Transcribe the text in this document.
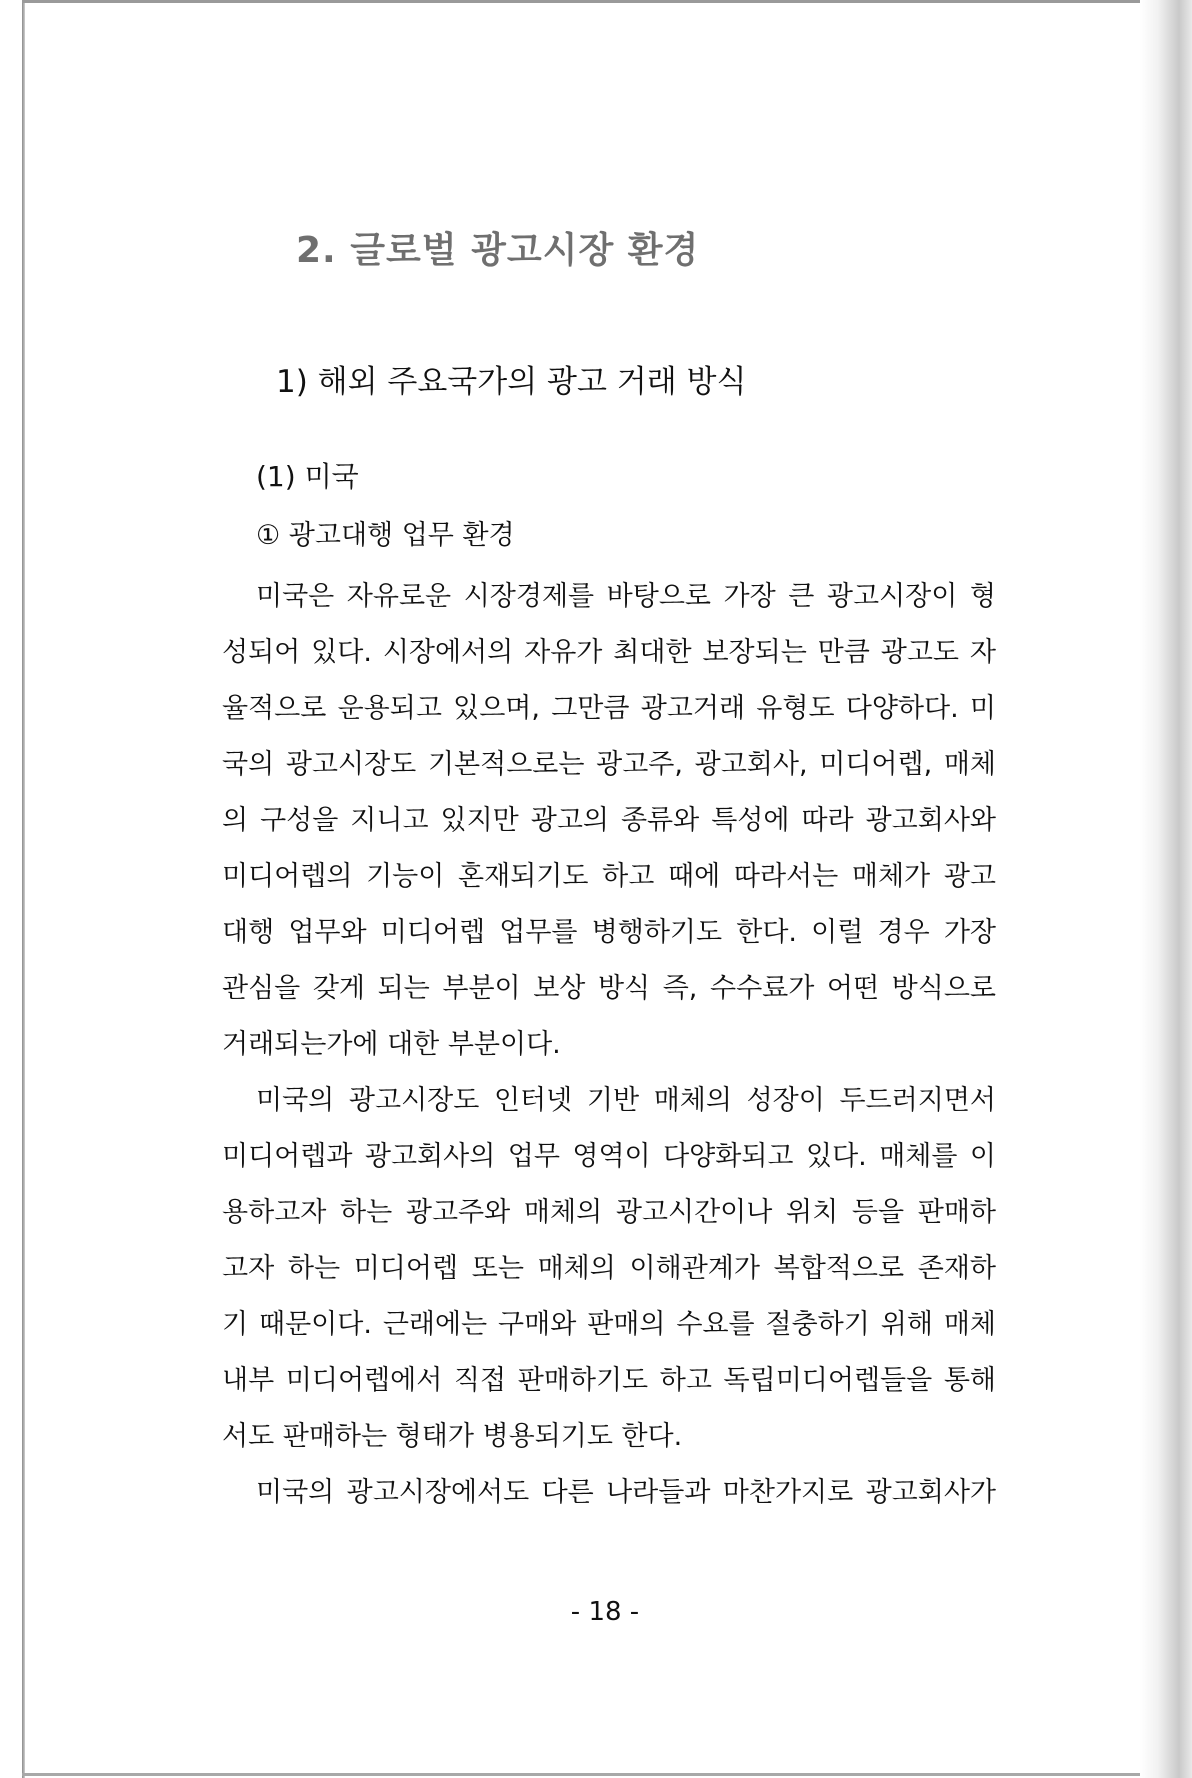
2. 글로벌 광고시장 환경
1) 해외 주요국가의 광고 거래 방식
(1) 미국
① 광고대행 업무 환경
미국은 자유로운 시장경제를 바탕으로 가장 큰 광고시장이 형
성되어 있다. 시장에서의 자유가 최대한 보장되는 만큼 광고도 자
율적으로 운용되고 있으며, 그만큼 광고거래 유형도 다양하다. 미
국의 광고시장도 기본적으로는 광고주, 광고회사, 미디어렙, 매체
의 구성을 지니고 있지만 광고의 종류와 특성에 따라 광고회사와
미디어렙의 기능이 혼재되기도 하고 때에 따라서는 매체가 광고
대행 업무와 미디어렙 업무를 병행하기도 한다. 이럴 경우 가장
관심을 갖게 되는 부분이 보상 방식 즉, 수수료가 어떤 방식으로
거래되는가에 대한 부분이다.
미국의 광고시장도 인터넷 기반 매체의 성장이 두드러지면서
미디어렙과 광고회사의 업무 영역이 다양화되고 있다. 매체를 이
용하고자 하는 광고주와 매체의 광고시간이나 위치 등을 판매하
고자 하는 미디어렙 또는 매체의 이해관계가 복합적으로 존재하
기 때문이다. 근래에는 구매와 판매의 수요를 절충하기 위해 매체
내부 미디어렙에서 직접 판매하기도 하고 독립미디어렙들을 통해
서도 판매하는 형태가 병용되기도 한다.
미국의 광고시장에서도 다른 나라들과 마찬가지로 광고회사가
- 18 -
